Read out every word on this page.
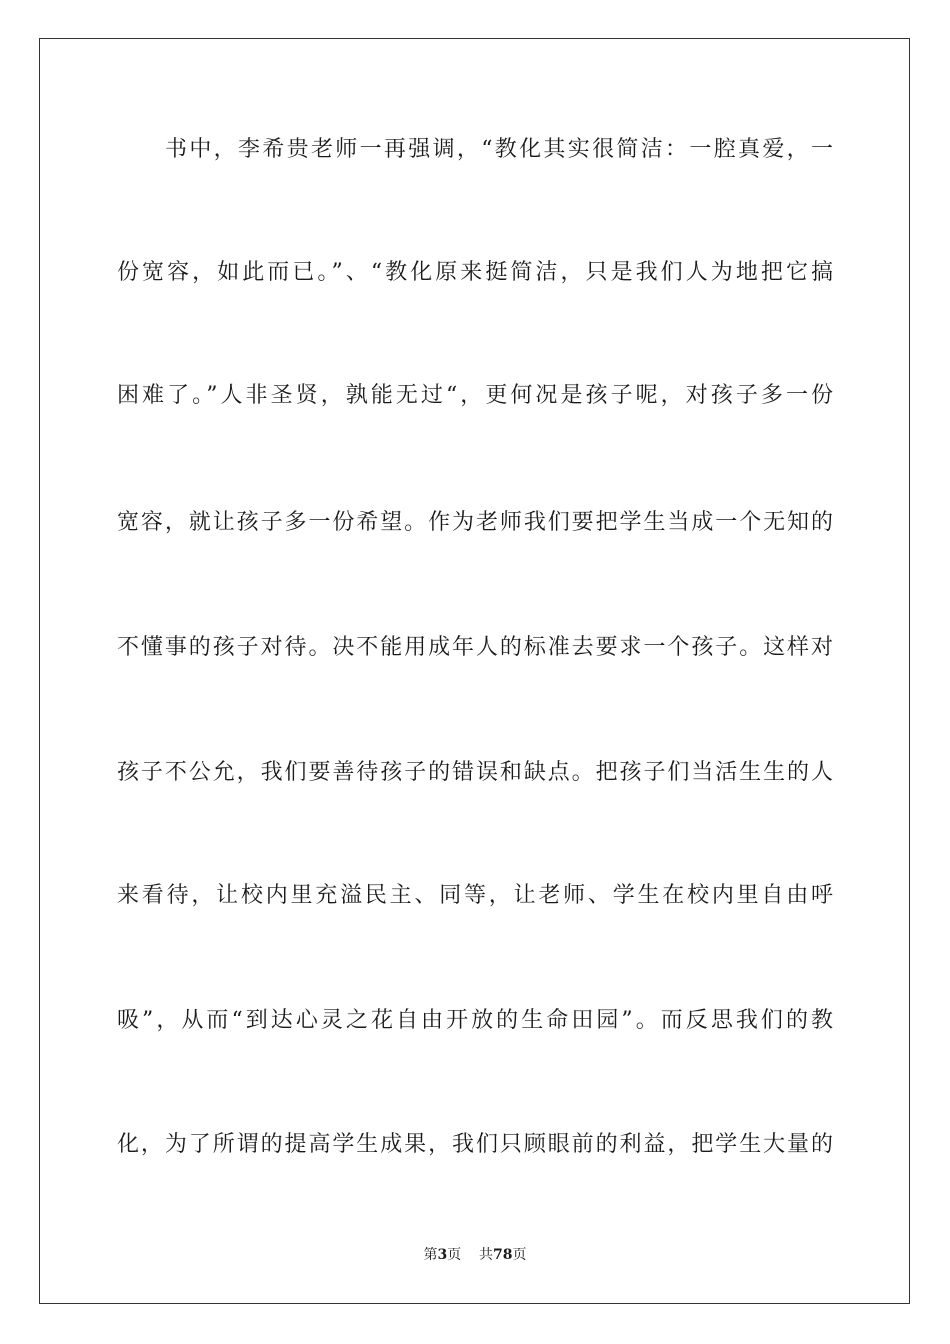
书中，李希贵老师一再强调，“教化其实很简洁：一腔真爱，一
份宽容，如此而已。”、“教化原来挺简洁，只是我们人为地把它搞
困难了。”人非圣贤，孰能无过“，更何况是孩子呢，对孩子多一份
宽容，就让孩子多一份希望。作为老师我们要把学生当成一个无知的
不懂事的孩子对待。决不能用成年人的标准去要求一个孩子。这样对
孩子不公允，我们要善待孩子的错误和缺点。把孩子们当活生生的人
来看待，让校内里充溢民主、同等，让老师、学生在校内里自由呼
吸”，从而“到达心灵之花自由开放的生命田园”。而反思我们的教
化，为了所谓的提高学生成果，我们只顾眼前的利益，把学生大量的
第3页 共78页
